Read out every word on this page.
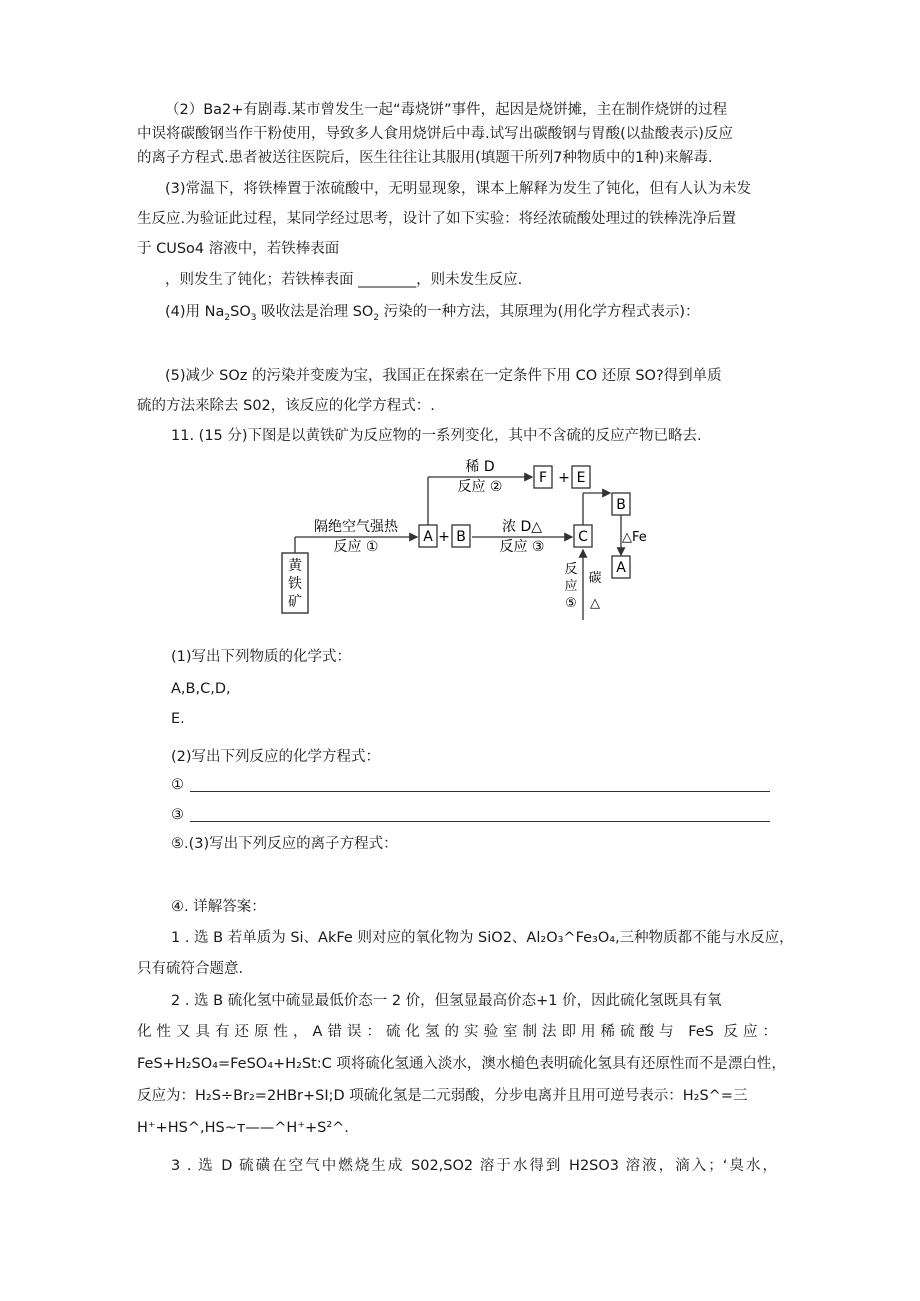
（2）Ba2+有剧毒.某市曾发生一起“毒烧饼”事件，起因是烧饼摊，主在制作烧饼的过程
中误将碳酸钢当作干粉使用，导致多人食用烧饼后中毒.试写出碳酸钢与胃酸(以盐酸表示)反应
的离子方程式.患者被送往医院后，医生往往让其服用(填题干所列7种物质中的1种)来解毒.
(3)常温下，将铁棒置于浓硫酸中，无明显现象，课本上解释为发生了钝化，但有人认为未发
生反应.为验证此过程，某同学经过思考，设计了如下实验：将经浓硫酸处理过的铁棒洗净后置
于 CUSo4 溶液中，若铁棒表面
，则发生了钝化；若铁棒表面 ________，则未发生反应.
(4)用 $Na_2SO_3$ 吸收法是治理 $SO_2$ 污染的一种方法，其原理为(用化学方程式表示)：
(5)减少 SOz 的污染并变废为宝，我国正在探索在一定条件下用 CO 还原 SO?得到单质
硫的方法来除去 S02，该反应的化学方程式：.
11. (15 分)下图是以黄铁矿为反应物的一系列变化，其中不含硫的反应产物已略去.
黄
铁
矿
隔绝空气强热
反应 ①
A + B
稀 D
反应 ②
F + E
浓 D△
反应 ③
C
B
△Fe
A
反
应
⑤
碳
△
(1)写出下列物质的化学式：
A,B,C,D,
E.
(2)写出下列反应的化学方程式：
①
③
⑤.(3)写出下列反应的离子方程式：
④. 详解答案：
1 . 选 B 若单质为 Si、AkFe 则对应的氧化物为 SiO2、Al₂O₃^Fe₃O₄,三种物质都不能与水反应，
只有硫符合题意.
2 . 选 B 硫化氢中硫显最低价态一 2 价，但氢显最高价态+1 价，因此硫化氢既具有氧
化性又具有还原性，A错误：硫化氢的实验室制法即用稀硫酸与 FeS 反应：
FeS+H₂SO₄=FeSO₄+H₂St:C 项将硫化氢通入淡水，澳水槌色表明硫化氢具有还原性而不是漂白性，
反应为：H₂S÷Br₂=2HBr+SI;D 项硫化氢是二元弱酸，分步电离并且用可逆号表示：H₂S^=三
H⁺+HS^,HS~т——^H⁺+S²^.
3 . 选 D 硫磺在空气中燃烧生成 S02,SO2 溶于水得到 H2SO3 溶液，滴入；‘臭水，
